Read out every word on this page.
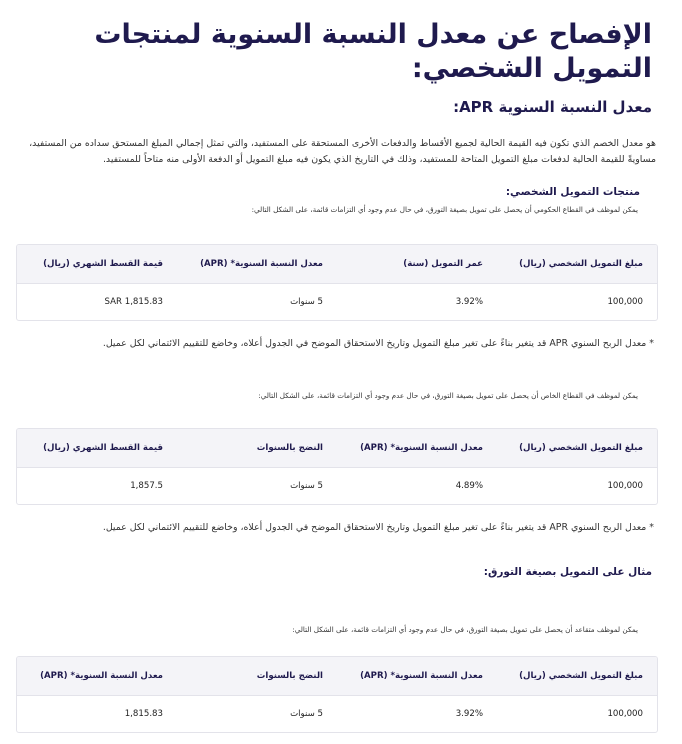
الإفصاح عن معدل النسبة السنوية لمنتجات التمويل الشخصي:
معدل النسبة السنوية APR:
هو معدل الخصم الذي تكون فيه القيمة الحالية لجميع الأقساط والدفعات الأخرى المستحقة على المستفيد، والتي تمثل إجمالي المبلغ المستحق سداده من المستفيد، مساويةً للقيمة الحالية لدفعات مبلغ التمويل المتاحة للمستفيد، وذلك في التاريخ الذي يكون فيه مبلغ التمويل أو الدفعة الأولى منه متاحاً للمستفيد.
منتجات التمويل الشخصي:
يمكن لموظف في القطاع الحكومي أن يحصل على تمويل بصيغة التورق، في حال عدم وجود أي التزامات قائمة، على الشكل التالي:
مبلغ التمويل الشخصي (ريال)
عمر التمويل (سنة)
معدل النسبة السنوية* (APR)
قيمة القسط الشهري (ريال)
100,000
3.92%
5 سنوات
SAR 1,815.83
* معدل الربح السنوي APR قد يتغير بناءً على تغير مبلغ التمويل وتاريخ الاستحقاق الموضح في الجدول أعلاه، وخاضع للتقييم الائتماني لكل عميل.
يمكن لموظف في القطاع الخاص أن يحصل على تمويل بصيغة التورق، في حال عدم وجود أي التزامات قائمة، على الشكل التالي:
مبلغ التمويل الشخصي (ريال)
معدل النسبة السنوية* (APR)
النضج بالسنوات
قيمة القسط الشهري (ريال)
100,000
4.89%
5 سنوات
1,857.5
* معدل الربح السنوي APR قد يتغير بناءً على تغير مبلغ التمويل وتاريخ الاستحقاق الموضح في الجدول أعلاه، وخاضع للتقييم الائتماني لكل عميل.
مثال على التمويل بصيغة التورق:
يمكن لموظف متقاعد أن يحصل على تمويل بصيغة التورق، في حال عدم وجود أي التزامات قائمة، على الشكل التالي:
مبلغ التمويل الشخصي (ريال)
معدل النسبة السنوية* (APR)
النضج بالسنوات
معدل النسبة السنوية* (APR)
100,000
3.92%
5 سنوات
1,815.83
